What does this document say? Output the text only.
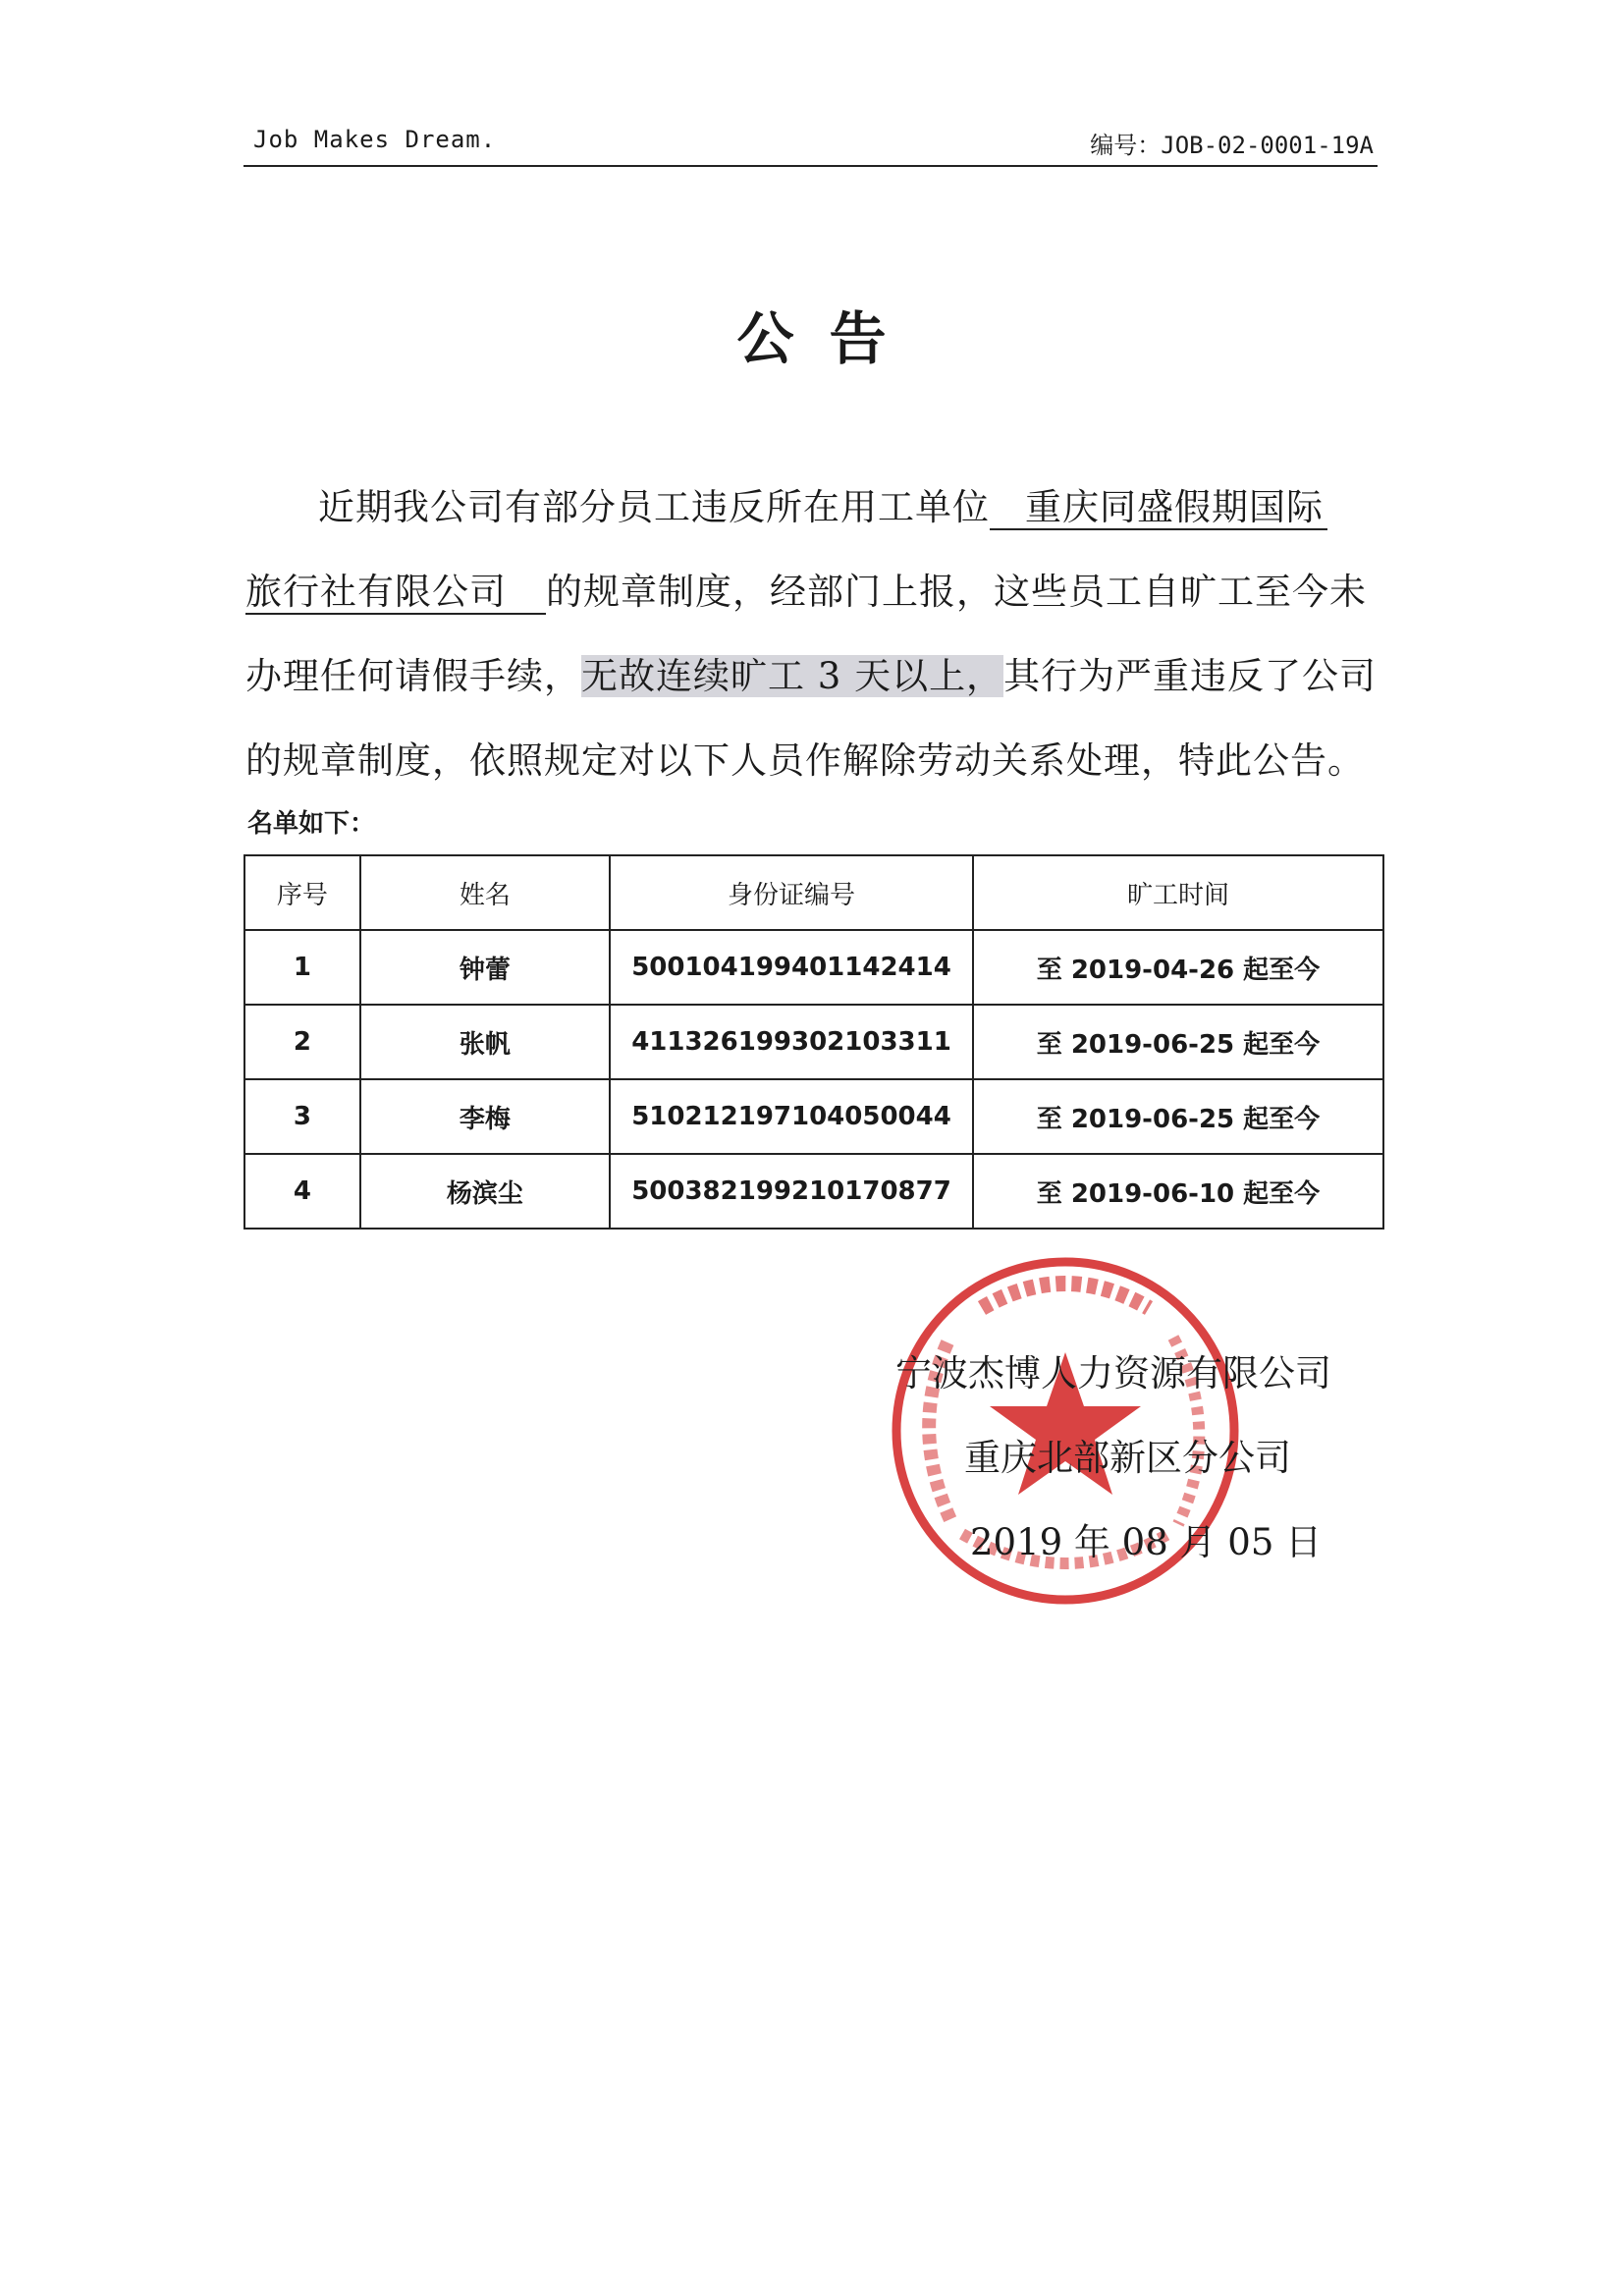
Job Makes Dream.	编号：JOB-02-0001-19A
公告
近期我公司有部分员工违反所在用工单位 重庆同盛假期国际
旅行社有限公司 的规章制度，经部门上报，这些员工自旷工至今未
办理任何请假手续，无故连续旷工 3 天以上，其行为严重违反了公司
的规章制度，依照规定对以下人员作解除劳动关系处理，特此公告。
名单如下：
序号	姓名	身份证编号	旷工时间
1	钟蕾	500104199401142414	至 2019-04-26 起至今
2	张帆	411326199302103311	至 2019-06-25 起至今
3	李梅	510212197104050044	至 2019-06-25 起至今
4	杨滨尘	500382199210170877	至 2019-06-10 起至今
宁波杰博人力资源有限公司
重庆北部新区分公司
2019 年 08 月 05 日
